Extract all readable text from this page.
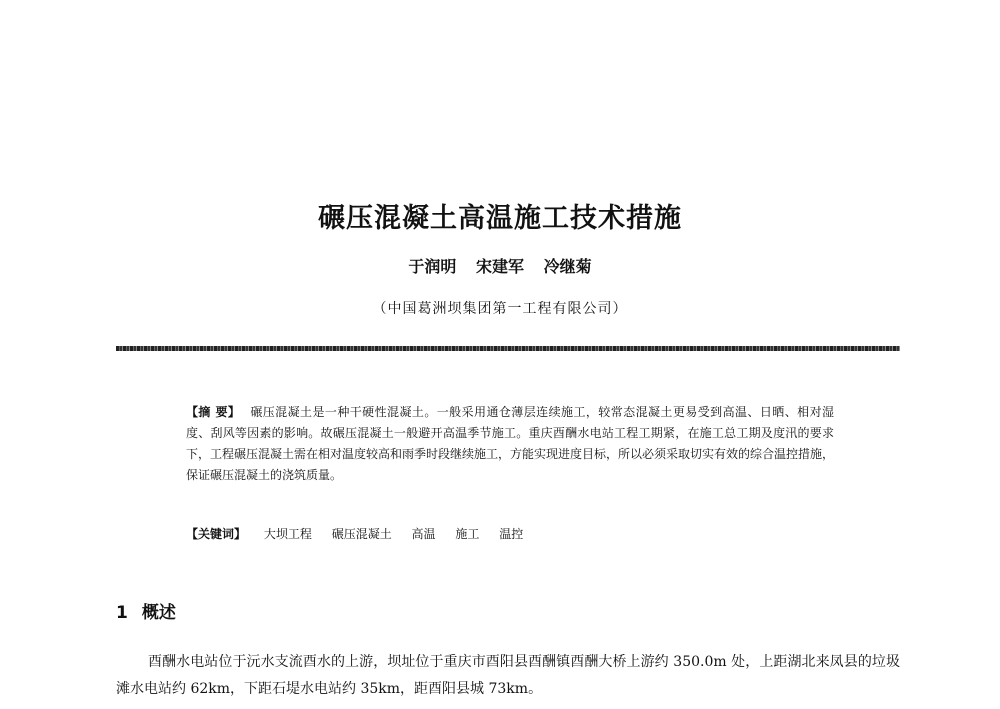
碾压混凝土高温施工技术措施
于润明 宋建军 冷继菊
（中国葛洲坝集团第一工程有限公司）
【摘 要】 碾压混凝土是一种干硬性混凝土。一般采用通仓薄层连续施工，较常态混凝土更易受到高温、日晒、相对湿度、刮风等因素的影响。故碾压混凝土一般避开高温季节施工。重庆酉酬水电站工程工期紧，在施工总工期及度汛的要求下，工程碾压混凝土需在相对温度较高和雨季时段继续施工，方能实现进度目标，所以必须采取切实有效的综合温控措施，保证碾压混凝土的浇筑质量。
【关键词】 大坝工程 碾压混凝土 高温 施工 温控
1 概述
酉酬水电站位于沅水支流酉水的上游，坝址位于重庆市酉阳县酉酬镇酉酬大桥上游约 350.0m 处，上距湖北来凤县的垃圾滩水电站约 62km，下距石堤水电站约 35km，距酉阳县城 73km。
